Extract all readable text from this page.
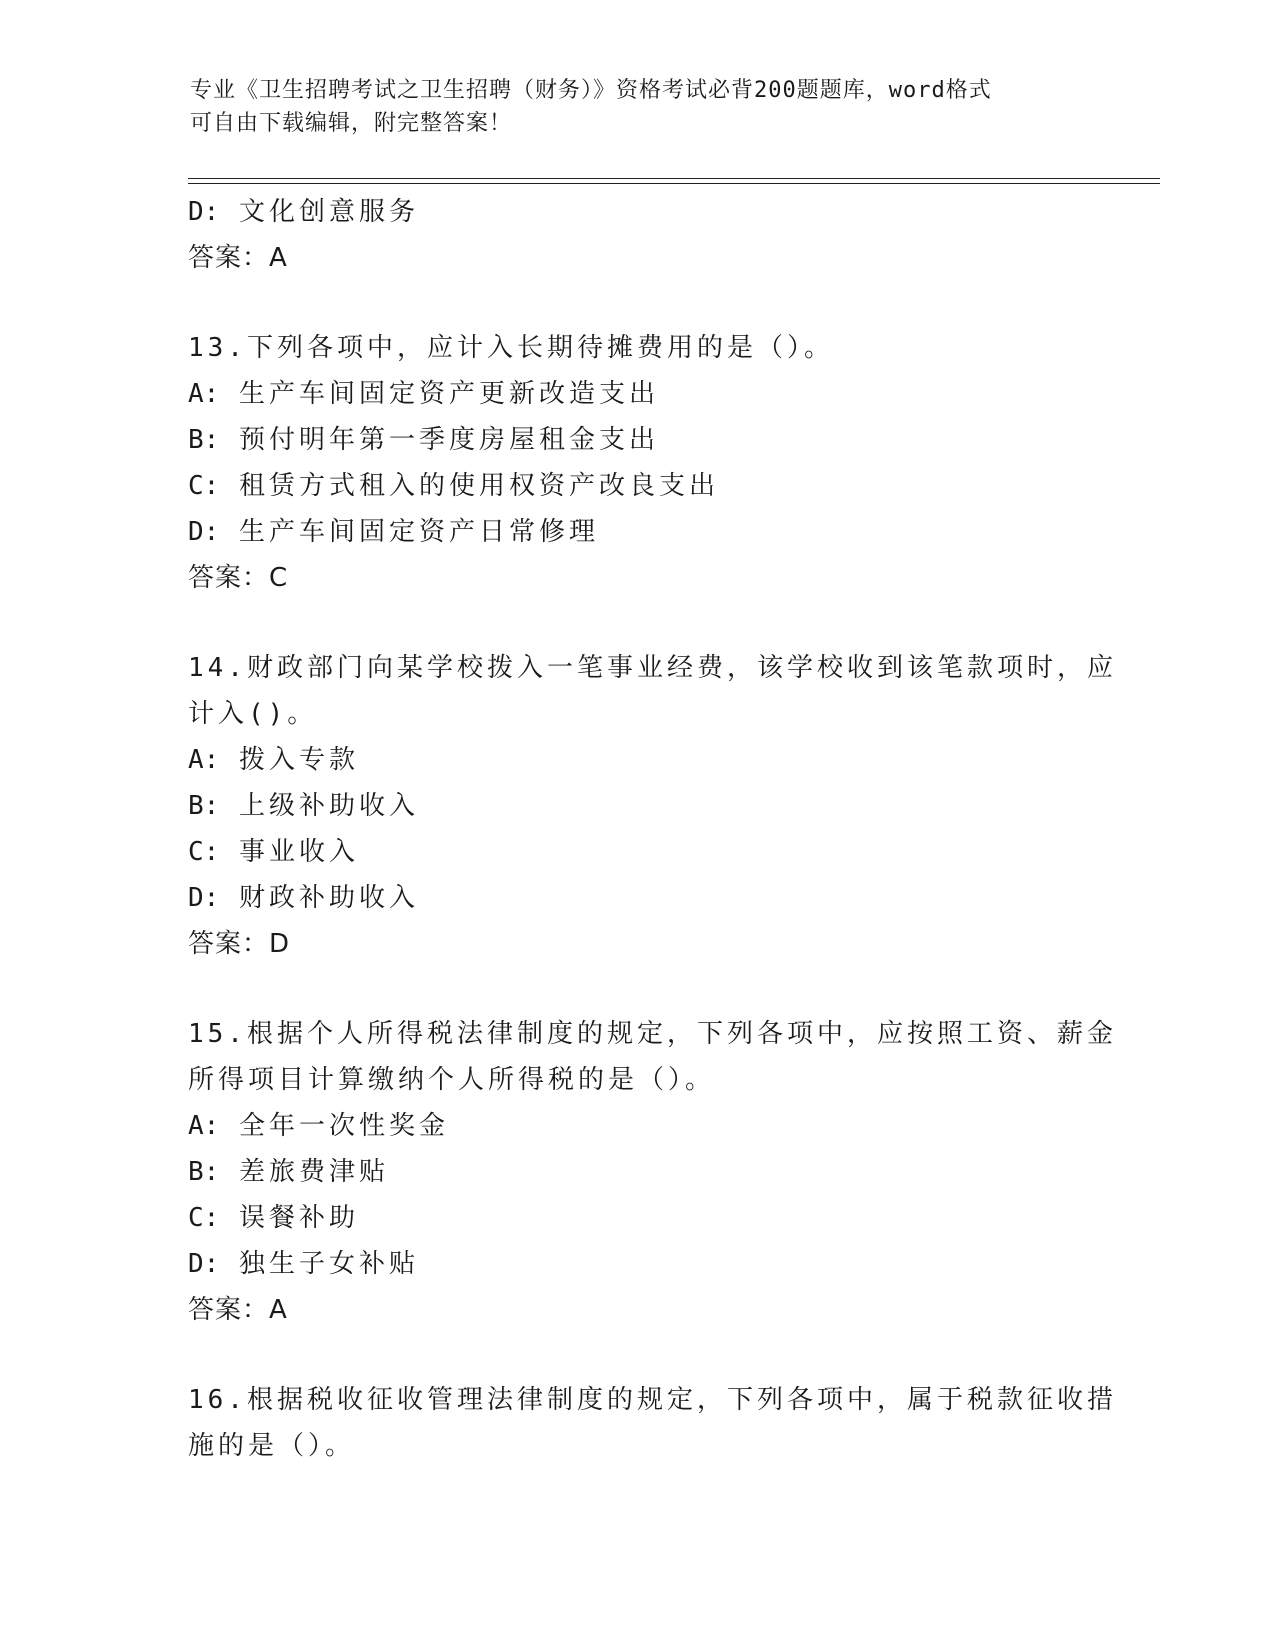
专业《卫生招聘考试之卫生招聘（财务）》资格考试必背200题题库，word格式
可自由下载编辑，附完整答案！
D: 文化创意服务
答案：A
13.下列各项中，应计入长期待摊费用的是（）。
A: 生产车间固定资产更新改造支出
B: 预付明年第一季度房屋租金支出
C: 租赁方式租入的使用权资产改良支出
D: 生产车间固定资产日常修理
答案：C
14.财政部门向某学校拨入一笔事业经费，该学校收到该笔款项时，应
计入()。
A: 拨入专款
B: 上级补助收入
C: 事业收入
D: 财政补助收入
答案：D
15.根据个人所得税法律制度的规定，下列各项中，应按照工资、薪金
所得项目计算缴纳个人所得税的是（）。
A: 全年一次性奖金
B: 差旅费津贴
C: 误餐补助
D: 独生子女补贴
答案：A
16.根据税收征收管理法律制度的规定，下列各项中，属于税款征收措
施的是（）。
